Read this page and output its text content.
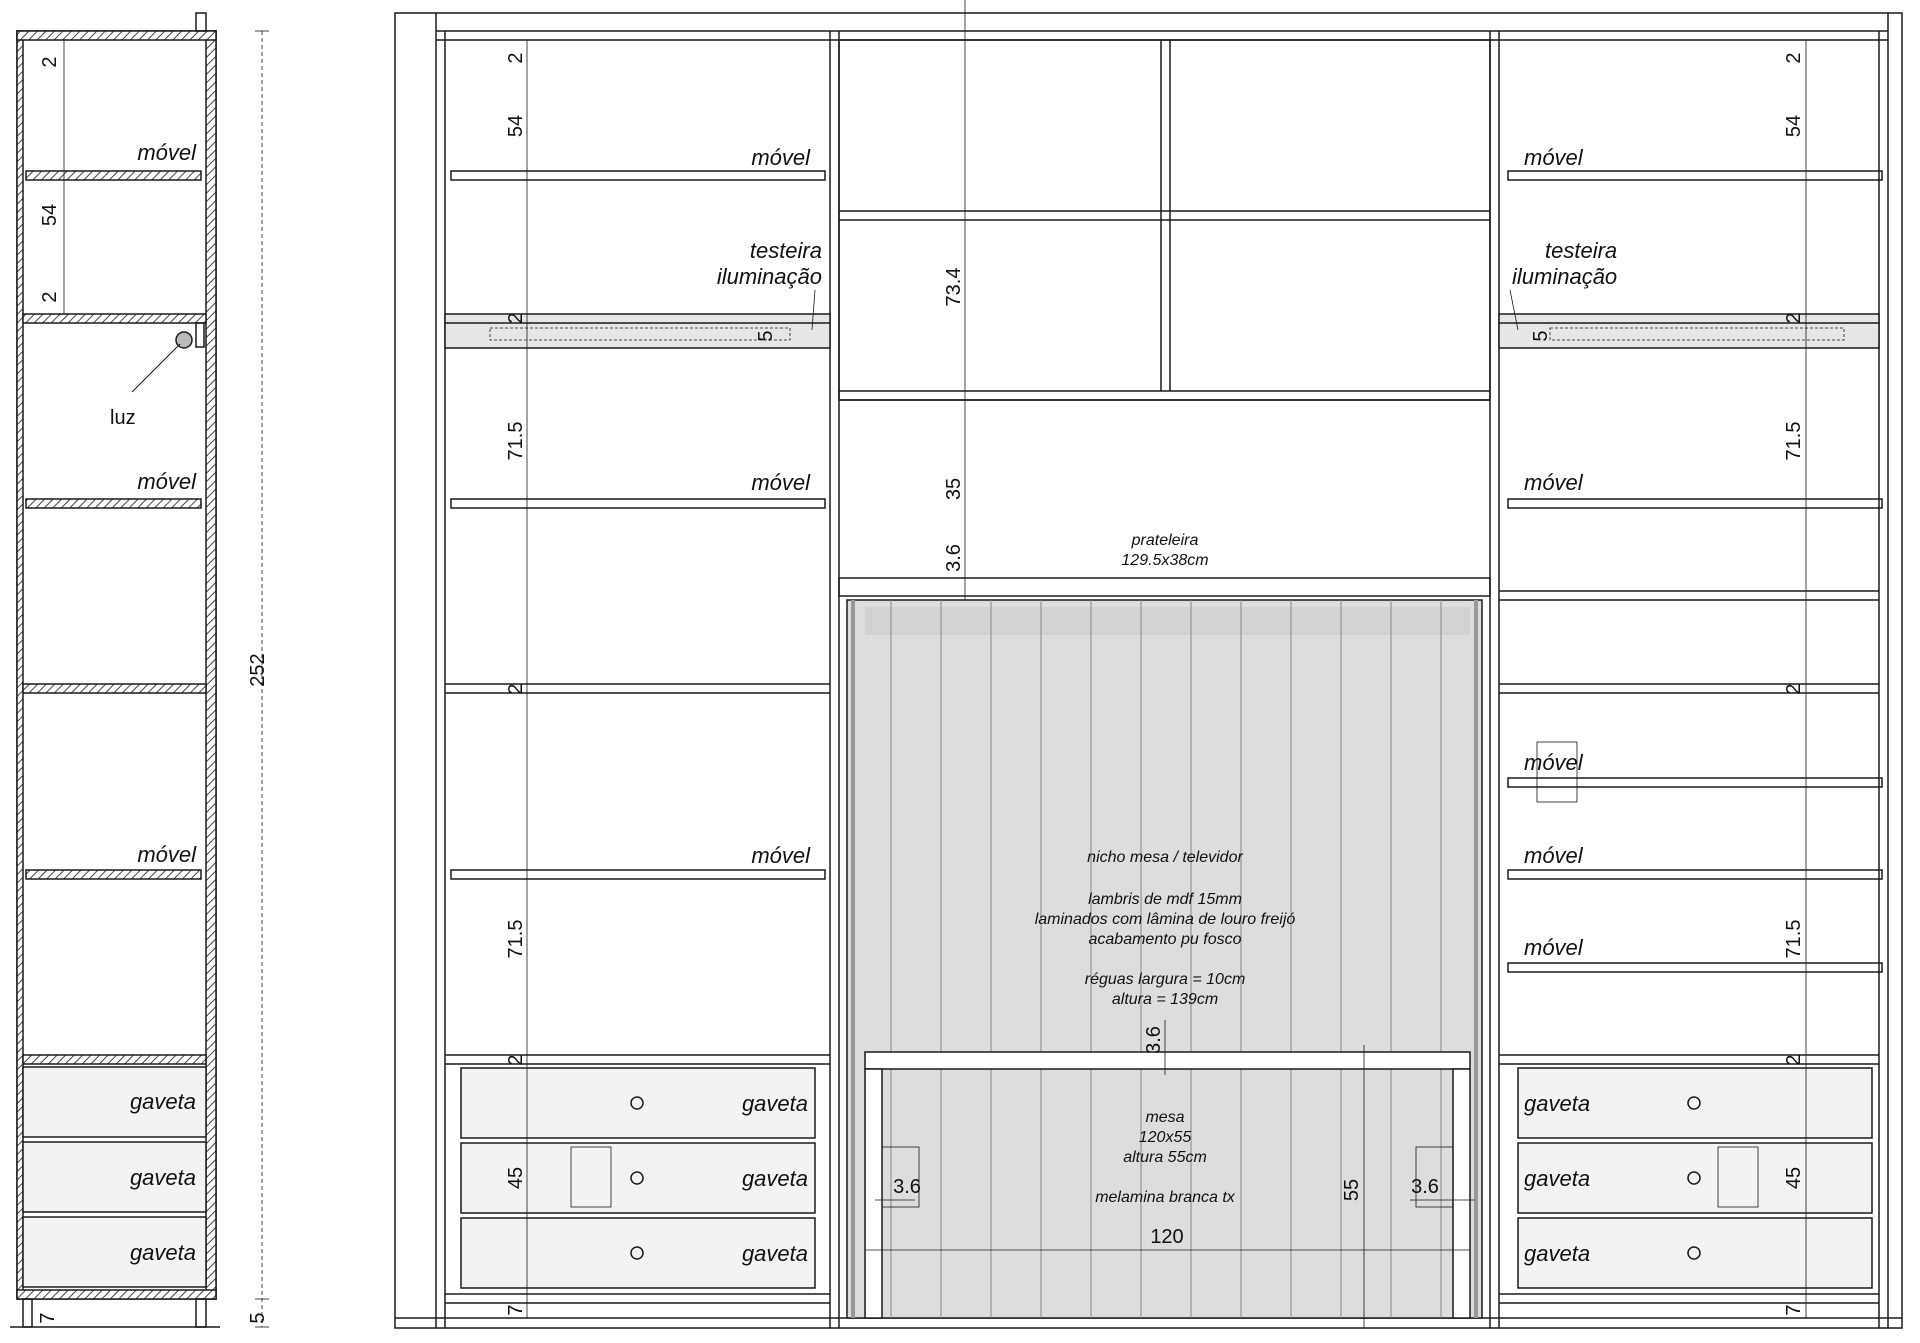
móvel
móvel
móvel
luz
gaveta
gaveta
gaveta
2
54
2
252
5
7
móvel
testeira
iluminação
móvel
móvel
gaveta
gaveta
gaveta
2
54
2
5
71.5
2
71.5
2
45
7
73.4
35
3.6
prateleira
129.5x38cm
nicho mesa / televidor
lambris de mdf 15mm
laminados com lâmina de louro freijó
acabamento pu fosco
réguas largura = 10cm
altura = 139cm
3.6
mesa
120x55
altura 55cm
melamina branca tx
3.6	3.6
55
120
móvel
testeira
iluminação
móvel
móvel
móvel
móvel
gaveta
gaveta
gaveta
2
54
2
5
71.5
2
71.5
2
45
7
